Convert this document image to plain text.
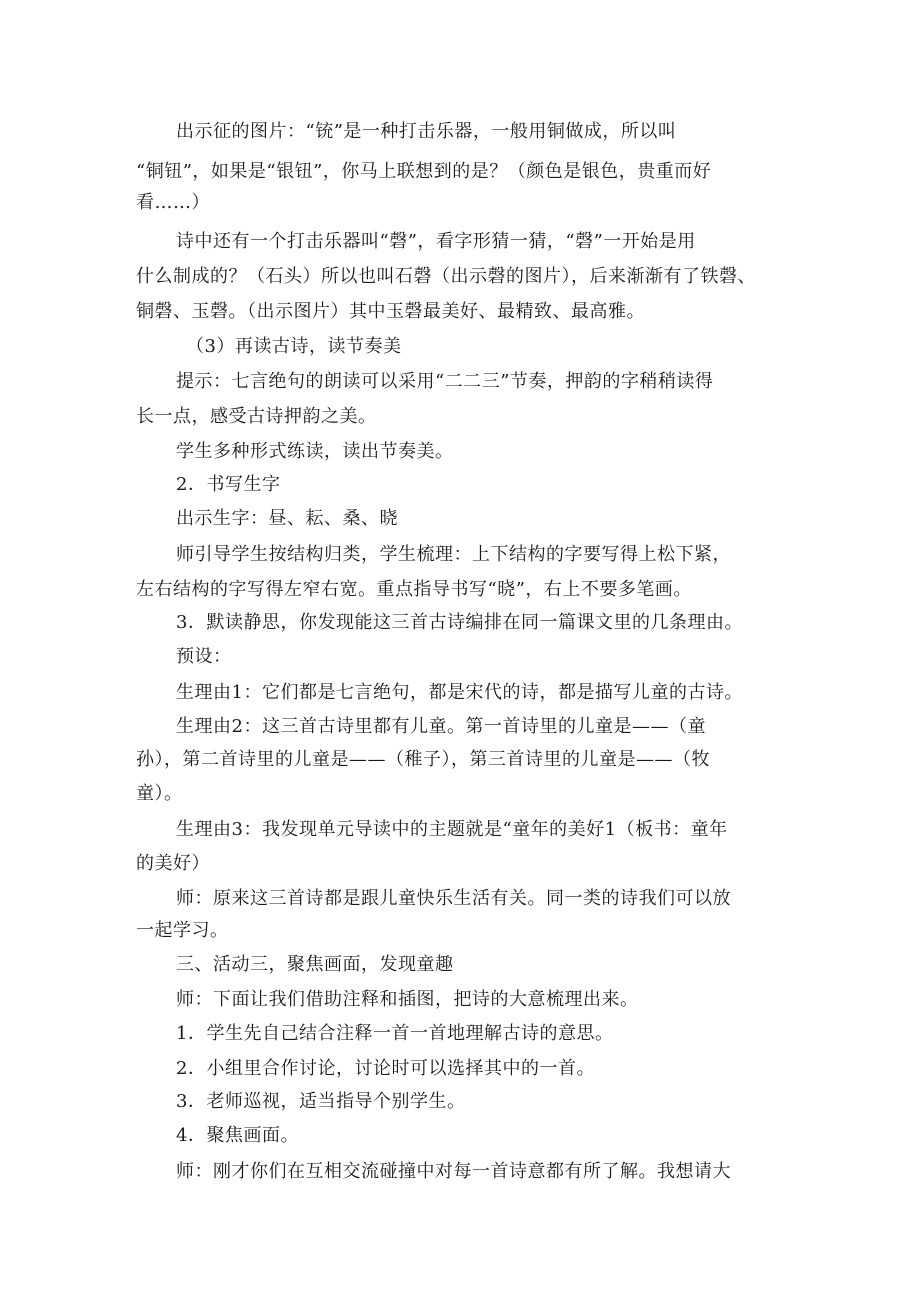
出示征的图片：“铳”是一种打击乐器，一般用铜做成，所以叫
“铜钮”，如果是“银钮”，你马上联想到的是？（颜色是银色，贵重而好
看……）
诗中还有一个打击乐器叫“磬”，看字形猜一猜，“磬”一开始是用
什么制成的？（石头）所以也叫石磬（出示磬的图片），后来渐渐有了铁磬、
铜磬、玉磬。（出示图片）其中玉磬最美好、最精致、最高雅。
（3）再读古诗，读节奏美
提示：七言绝句的朗读可以采用“二二三”节奏，押韵的字稍稍读得
长一点，感受古诗押韵之美。
学生多种形式练读，读出节奏美。
2．书写生字
出示生字：昼、耘、桑、晓
师引导学生按结构归类，学生梳理：上下结构的字要写得上松下紧，
左右结构的字写得左窄右宽。重点指导书写“晓”，右上不要多笔画。
3．默读静思，你发现能这三首古诗编排在同一篇课文里的几条理由。
预设：
生理由1：它们都是七言绝句，都是宋代的诗，都是描写儿童的古诗。
生理由2：这三首古诗里都有儿童。第一首诗里的儿童是——（童
孙），第二首诗里的儿童是——（稚子），第三首诗里的儿童是——（牧
童）。
生理由3：我发现单元导读中的主题就是“童年的美好1（板书：童年
的美好）
师：原来这三首诗都是跟儿童快乐生活有关。同一类的诗我们可以放
一起学习。
三、活动三，聚焦画面，发现童趣
师：下面让我们借助注释和插图，把诗的大意梳理出来。
1．学生先自己结合注释一首一首地理解古诗的意思。
2．小组里合作讨论，讨论时可以选择其中的一首。
3．老师巡视，适当指导个别学生。
4．聚焦画面。
师：刚才你们在互相交流碰撞中对每一首诗意都有所了解。我想请大
